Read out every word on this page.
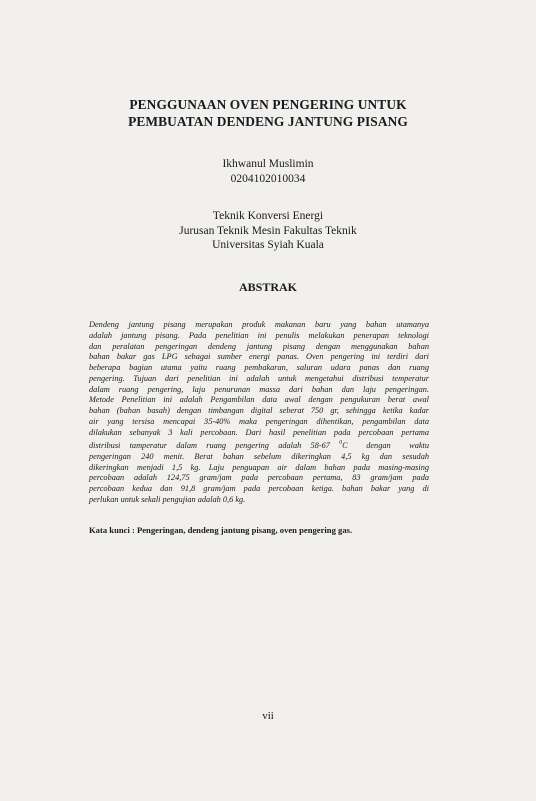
PENGGUNAAN OVEN PENGERING UNTUK
PEMBUATAN DENDENG JANTUNG PISANG
Ikhwanul Muslimin
0204102010034
Teknik Konversi Energi
Jurusan Teknik Mesin Fakultas Teknik
Universitas Syiah Kuala
ABSTRAK
Dendeng jantung pisang merupakan produk makanan baru yang bahan utamanya
adalah jantung pisang. Pada penelitian ini penulis melakukan penerapan teknologi
dan peralatan pengeringan dendeng jantung pisang dengan menggunakan bahan
bahan bakar gas LPG sebagai sumber energi panas. Oven pengering ini terdiri dari
beberapa bagian utama yaitu ruang pembakaran, saluran udara panas dan ruang
pengering. Tujuan dari penelitian ini adalah untuk mengetahui distribusi temperatur
dalam ruang pengering, laju penurunan massa dari bahan dan laju pengeringan.
Metode Penelitian ini adalah Pengambilan data awal dengan pengukuran berat awal
bahan (bahan basah) dengan timbangan digital seberat 750 gr, sehingga ketika kadar
air yang tersisa mencapai 35-40% maka pengeringan dihentikan, pengambilan data
dilakukan sebanyak 3 kali percobaan. Dari hasil penelitian pada percobaan pertama
distribusi tamperatur dalam ruang pengering adalah 58-67 $^0$C  dengan  waktu
pengeringan 240 menit. Berat bahan sebelum dikeringkan 4,5 kg dan sesudah
dikeringkan menjadi 1,5 kg. Laju penguapan air dalam bahan pada masing-masing
percobaan adalah 124,75 gram/jam pada percobaan pertama, 83 gram/jam pada
percobaan kedua dan 91,8 gram/jam pada percobaan ketiga. bahan bakar yang di
perlukan untuk sekali pengujian adalah 0,6 kg.
Kata kunci : Pengeringan, dendeng jantung pisang, oven pengering gas.
vii
